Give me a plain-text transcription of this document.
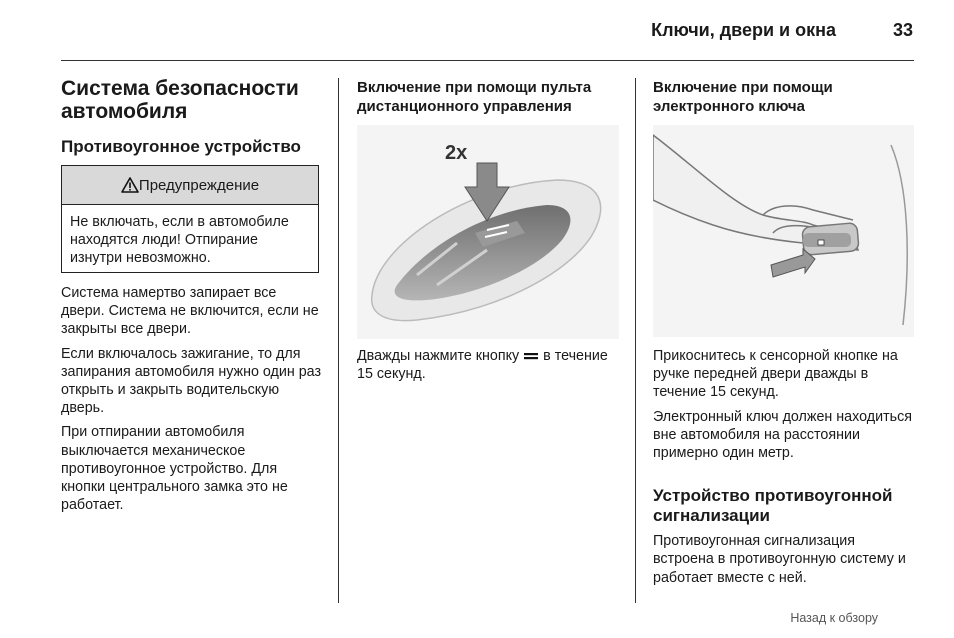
Ключи, двери и окна	33
Система безопасности автомобиля
Противоугонное устройство
Предупреждение
Не включать, если в автомобиле находятся люди! Отпирание изнутри невозможно.

Система намертво запирает все двери. Система не включится, если не закрыты все двери.

Если включалось зажигание, то для запирания автомобиля нужно один раз открыть и закрыть водительскую дверь.

При отпирании автомобиля выключается механическое противоугонное устройство. Для кнопки центрального замка это не работает.

Включение при помощи пульта дистанционного управления
2x

Дважды нажмите кнопку в течение 15 секунд.

Включение при помощи электронного ключа

Прикоснитесь к сенсорной кнопке на ручке передней двери дважды в течение 15 секунд.

Электронный ключ должен находиться вне автомобиля на расстоянии примерно один метр.

Устройство противоугонной сигнализации

Противоугонная сигнализация встроена в противоугонную систему и работает вместе с ней.

Назад к обзору
